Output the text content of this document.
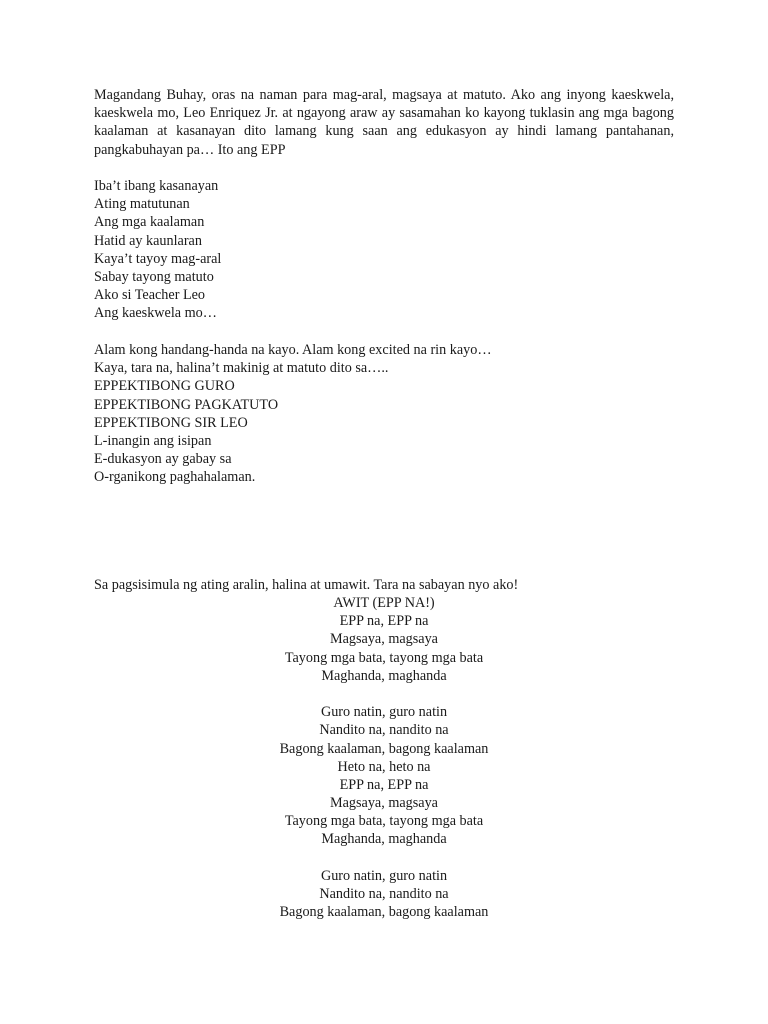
Magandang Buhay, oras na naman para mag-aral, magsaya at matuto. Ako ang inyong kaeskwela, kaeskwela mo, Leo Enriquez Jr. at ngayong araw ay sasamahan ko kayong tuklasin ang mga bagong kaalaman at kasanayan dito lamang kung saan ang edukasyon ay hindi lamang pantahanan, pangkabuhayan pa… Ito ang EPP

Iba’t ibang kasanayan
Ating matutunan
Ang mga kaalaman
Hatid ay kaunlaran
Kaya’t tayoy mag-aral
Sabay tayong matuto
Ako si Teacher Leo
Ang kaeskwela mo…
Alam kong handang-handa na kayo. Alam kong excited na rin kayo…
Kaya, tara na, halina’t makinig at matuto dito sa…..
EPPEKTIBONG GURO
EPPEKTIBONG PAGKATUTO
EPPEKTIBONG SIR LEO
L-inangin ang isipan
E-dukasyon ay gabay sa
O-rganikong paghahalaman.

Sa pagsisimula ng ating aralin, halina at umawit. Tara na sabayan nyo ako!

AWIT (EPP NA!)
EPP na, EPP na
Magsaya, magsaya
Tayong mga bata, tayong mga bata
Maghanda, maghanda
Guro natin, guro natin
Nandito na, nandito na
Bagong kaalaman, bagong kaalaman
Heto na, heto na
EPP na, EPP na
Magsaya, magsaya
Tayong mga bata, tayong mga bata
Maghanda, maghanda
Guro natin, guro natin
Nandito na, nandito na
Bagong kaalaman, bagong kaalaman
